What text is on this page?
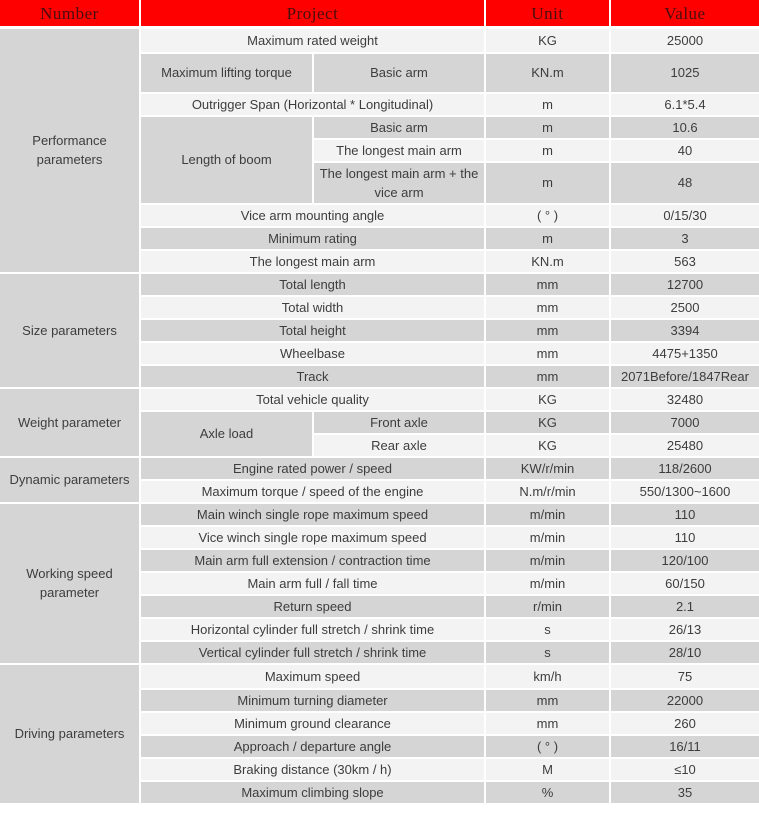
Number	Project		Unit	Value
Performance parameters	Maximum rated weight		KG	25000
	Maximum lifting torque	Basic arm	KN.m	1025
	Outrigger Span (Horizontal * Longitudinal)		m	6.1*5.4
	Length of boom	Basic arm	m	10.6
		The longest main arm	m	40
		The longest main arm + the vice arm	m	48
	Vice arm mounting angle		( ° )	0/15/30
	Minimum rating		m	3
	The longest main arm		KN.m	563
Size parameters	Total length		mm	12700
	Total width		mm	2500
	Total height		mm	3394
	Wheelbase		mm	4475+1350
	Track		mm	2071Before/1847Rear
Weight parameter	Total vehicle quality		KG	32480
	Axle load	Front axle	KG	7000
		Rear axle	KG	25480
Dynamic parameters	Engine rated power / speed		KW/r/min	118/2600
	Maximum torque / speed of the engine		N.m/r/min	550/1300~1600
Working speed parameter	Main winch single rope maximum speed		m/min	110
	Vice winch single rope maximum speed		m/min	110
	Main arm full extension / contraction time		m/min	120/100
	Main arm full / fall time		m/min	60/150
	Return speed		r/min	2.1
	Horizontal cylinder full stretch / shrink time		s	26/13
	Vertical cylinder full stretch / shrink time		s	28/10
Driving parameters	Maximum speed		km/h	75
	Minimum turning diameter		mm	22000
	Minimum ground clearance		mm	260
	Approach / departure angle		( ° )	16/11
	Braking distance (30km / h)		M	≤10
	Maximum climbing slope		%	35
